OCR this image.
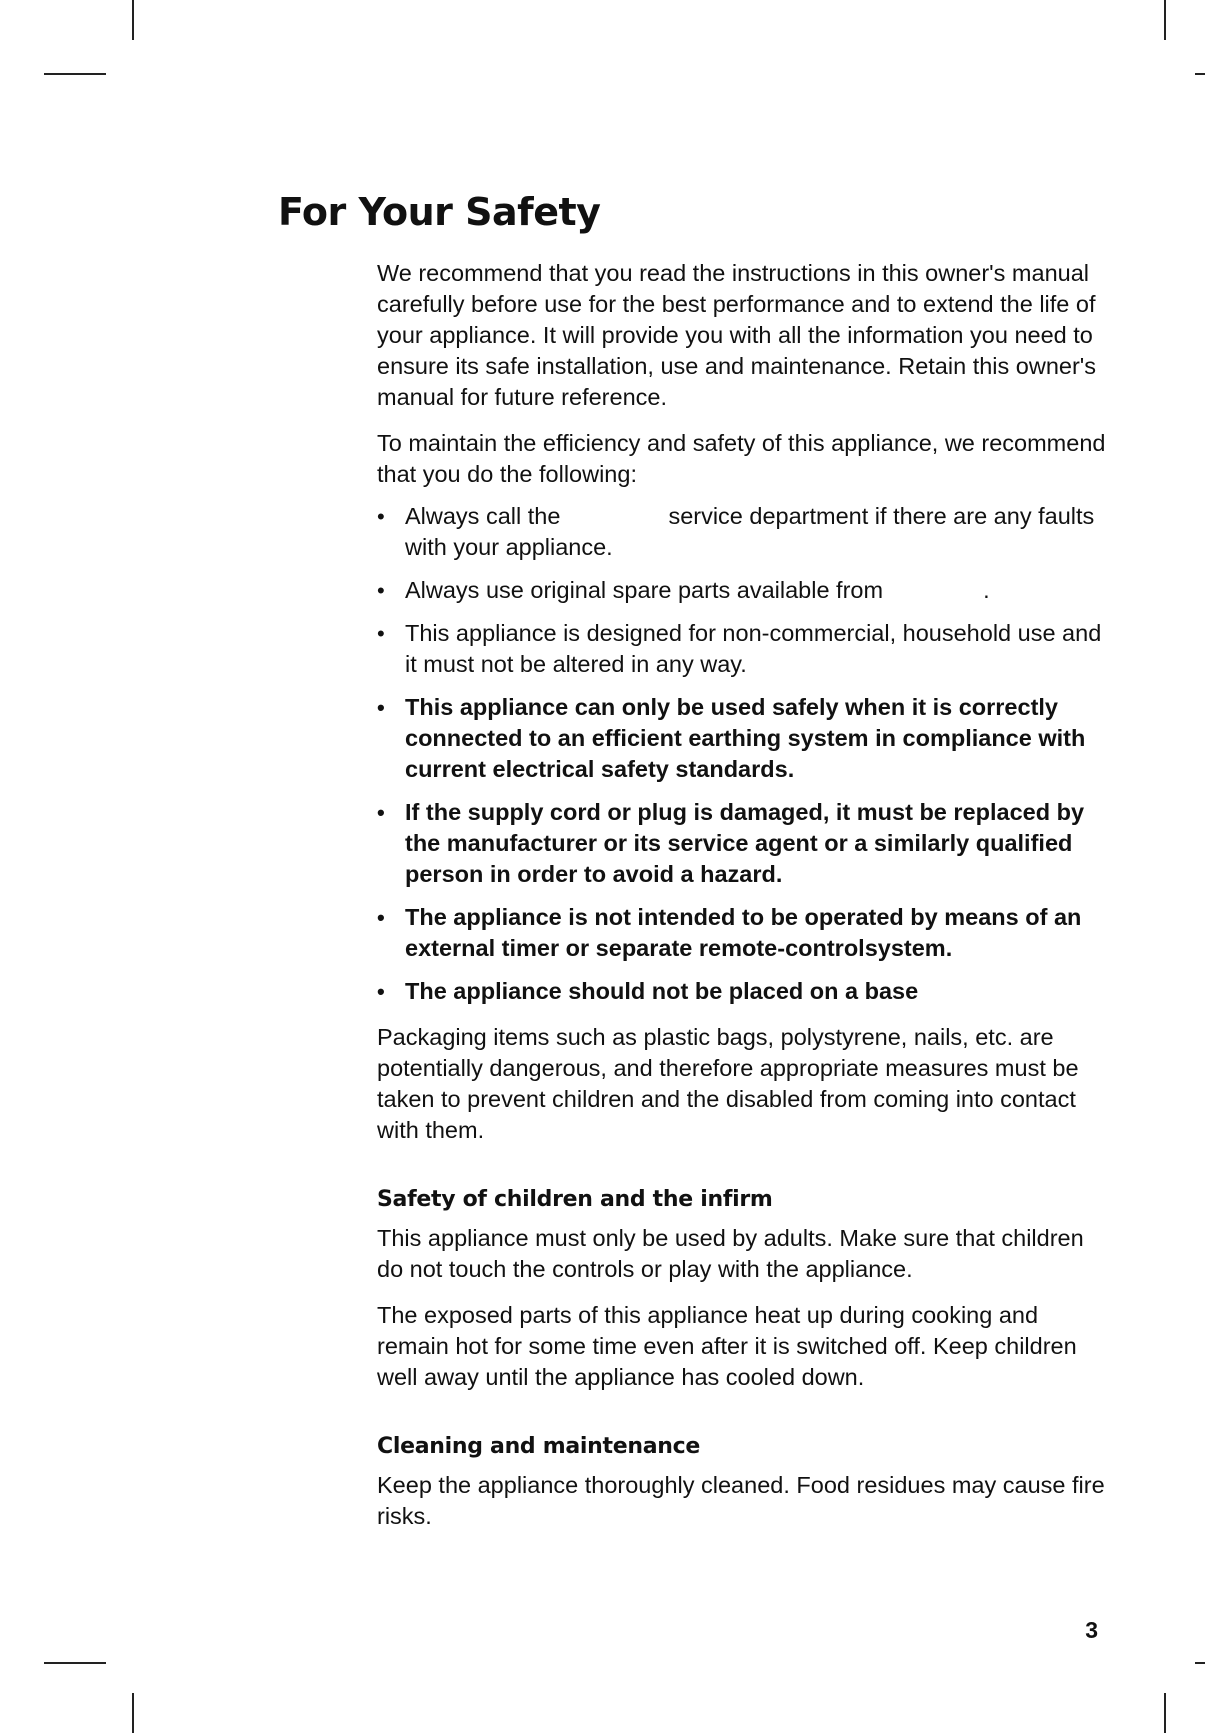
For Your Safety

We recommend that you read the instructions in this owner's manual carefully before use for the best performance and to extend the life of your appliance. It will provide you with all the information you need to ensure its safe installation, use and maintenance. Retain this owner's manual for future reference.

To maintain the efficiency and safety of this appliance, we recommend that you do the following:

• Always call the	service department if there are any faults with your appliance.
• Always use original spare parts available from	.
• This appliance is designed for non-commercial, household use and it must not be altered in any way.
• This appliance can only be used safely when it is correctly connected to an efficient earthing system in compliance with current electrical safety standards.
• If the supply cord or plug is damaged, it must be replaced by the manufacturer or its service agent or a similarly qualified person in order to avoid a hazard.
• The appliance is not intended to be operated by means of an external timer or separate remote-controlsystem.
• The appliance should not be placed on a base

Packaging items such as plastic bags, polystyrene, nails, etc. are potentially dangerous, and therefore appropriate measures must be taken to prevent children and the disabled from coming into contact with them.

Safety of children and the infirm

This appliance must only be used by adults. Make sure that children do not touch the controls or play with the appliance.

The exposed parts of this appliance heat up during cooking and remain hot for some time even after it is switched off. Keep children well away until the appliance has cooled down.

Cleaning and maintenance

Keep the appliance thoroughly cleaned. Food residues may cause fire risks.

3
